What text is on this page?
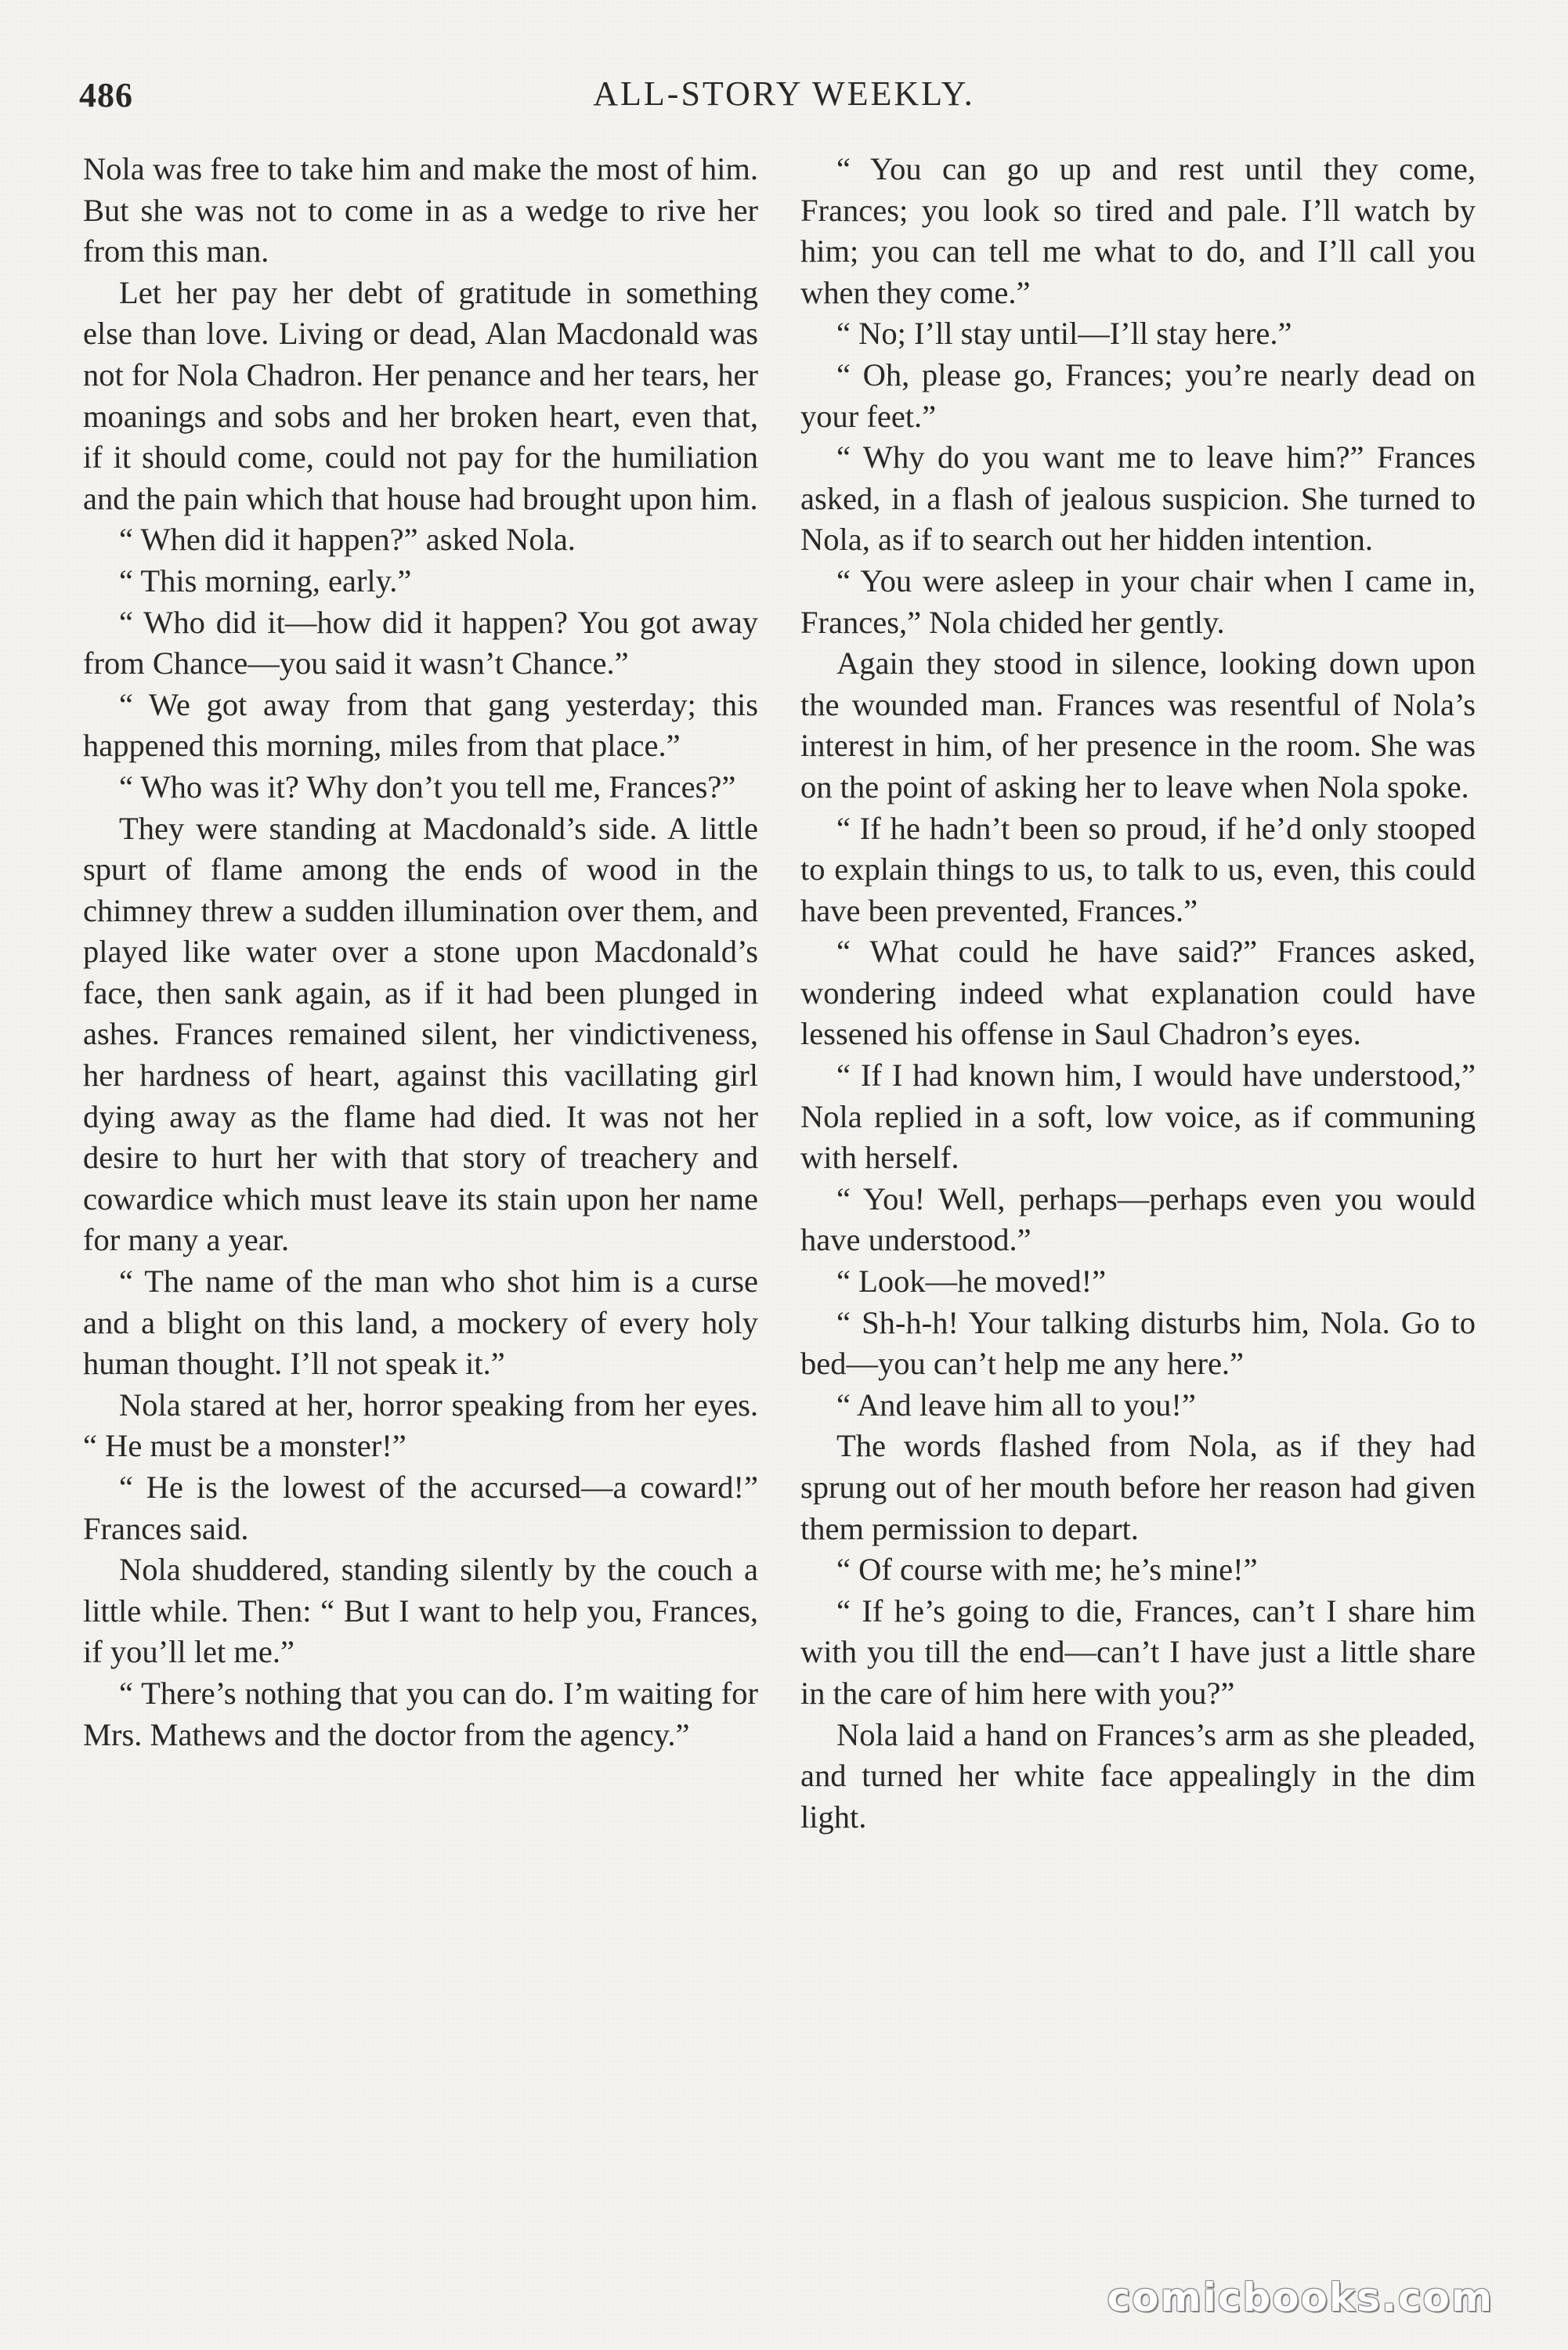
486	ALL-STORY WEEKLY.

Nola was free to take him and make the most of him. But she was not to come in as a wedge to rive her from this man.

Let her pay her debt of gratitude in something else than love. Living or dead, Alan Macdonald was not for Nola Chadron. Her penance and her tears, her moanings and sobs and her broken heart, even that, if it should come, could not pay for the humiliation and the pain which that house had brought upon him.

“ When did it happen?” asked Nola.

“ This morning, early.”

“ Who did it—how did it happen? You got away from Chance—you said it wasn’t Chance.”

“ We got away from that gang yesterday; this happened this morning, miles from that place.”

“ Who was it? Why don’t you tell me, Frances?”

They were standing at Macdonald’s side. A little spurt of flame among the ends of wood in the chimney threw a sudden illumination over them, and played like water over a stone upon Macdonald’s face, then sank again, as if it had been plunged in ashes. Frances remained silent, her vindictiveness, her hardness of heart, against this vacillating girl dying away as the flame had died. It was not her desire to hurt her with that story of treachery and cowardice which must leave its stain upon her name for many a year.

“ The name of the man who shot him is a curse and a blight on this land, a mockery of every holy human thought. I’ll not speak it.”

Nola stared at her, horror speaking from her eyes. “ He must be a monster!”

“ He is the lowest of the accursed—a coward!” Frances said.

Nola shuddered, standing silently by the couch a little while. Then: “ But I want to help you, Frances, if you’ll let me.”

“ There’s nothing that you can do. I’m waiting for Mrs. Mathews and the doctor from the agency.”

“ You can go up and rest until they come, Frances; you look so tired and pale. I’ll watch by him; you can tell me what to do, and I’ll call you when they come.”

“ No; I’ll stay until—I’ll stay here.”

“ Oh, please go, Frances; you’re nearly dead on your feet.”

“ Why do you want me to leave him?” Frances asked, in a flash of jealous suspicion. She turned to Nola, as if to search out her hidden intention.

“ You were asleep in your chair when I came in, Frances,” Nola chided her gently.

Again they stood in silence, looking down upon the wounded man. Frances was resentful of Nola’s interest in him, of her presence in the room. She was on the point of asking her to leave when Nola spoke.

“ If he hadn’t been so proud, if he’d only stooped to explain things to us, to talk to us, even, this could have been prevented, Frances.”

“ What could he have said?” Frances asked, wondering indeed what explanation could have lessened his offense in Saul Chadron’s eyes.

“ If I had known him, I would have understood,” Nola replied in a soft, low voice, as if communing with herself.

“ You! Well, perhaps—perhaps even you would have understood.”

“ Look—he moved!”

“ Sh-h-h! Your talking disturbs him, Nola. Go to bed—you can’t help me any here.”

“ And leave him all to you!”

The words flashed from Nola, as if they had sprung out of her mouth before her reason had given them permission to depart.

“ Of course with me; he’s mine!”

“ If he’s going to die, Frances, can’t I share him with you till the end—can’t I have just a little share in the care of him here with you?”

Nola laid a hand on Frances’s arm as she pleaded, and turned her white face appealingly in the dim light.

comicbooks.com
